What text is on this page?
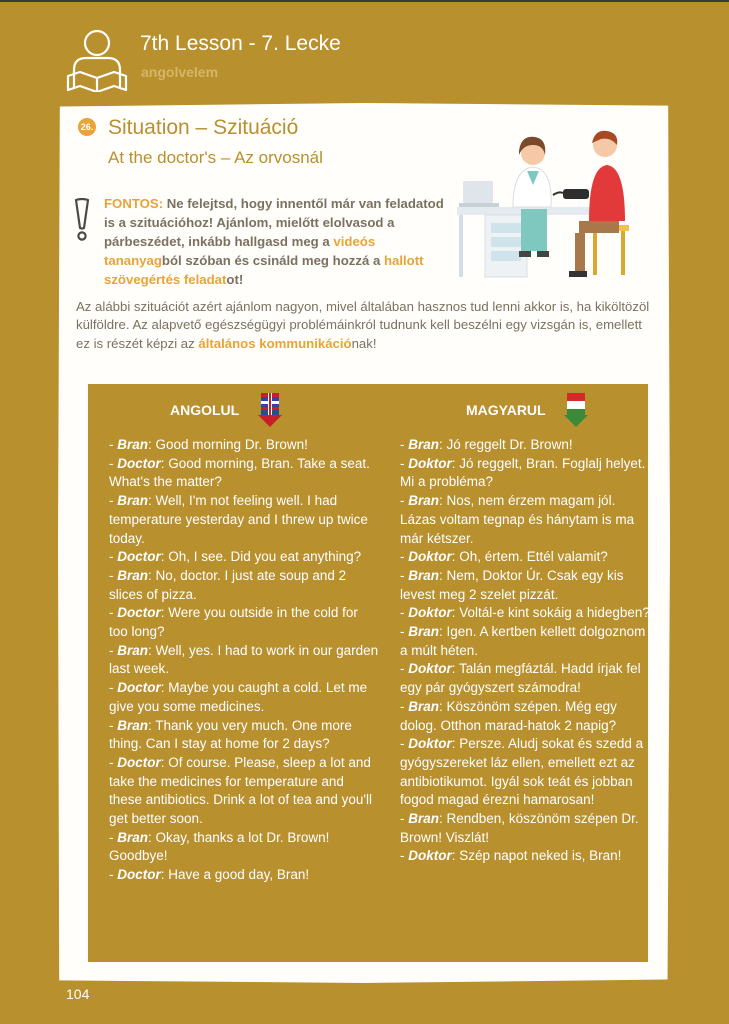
7th Lesson - 7. Lecke
angolvelem
26. Situation – Szituáció
At the doctor's – Az orvosnál
FONTOS: Ne felejtsd, hogy innentől már van feladatod is a szituációhoz! Ajánlom, mielőtt elolvasod a párbeszédet, inkább hallgasd meg a videós tananyagból szóban és csináld meg hozzá a hallott szövegértés feladatot!
Az alábbi szituációt azért ajánlom nagyon, mivel általában hasznos tud lenni akkor is, ha kiköltözöl külföldre. Az alapvető egészségügyi problémáinkról tudnunk kell beszélni egy vizsgán is, emellett ez is részét képzi az általános kommunikációnak!
ANGOLUL	MAGYARUL
- Bran: Good morning Dr. Brown!
- Doctor: Good morning, Bran. Take a seat. What's the matter?
- Bran: Well, I'm not feeling well. I had temperature yesterday and I threw up twice today.
- Doctor: Oh, I see. Did you eat anything?
- Bran: No, doctor. I just ate soup and 2 slices of pizza.
- Doctor: Were you outside in the cold for too long?
- Bran: Well, yes. I had to work in our garden last week.
- Doctor: Maybe you caught a cold. Let me give you some medicines.
- Bran: Thank you very much. One more thing. Can I stay at home for 2 days?
- Doctor: Of course. Please, sleep a lot and take the medicines for temperature and these antibiotics. Drink a lot of tea and you'll get better soon.
- Bran: Okay, thanks a lot Dr. Brown! Goodbye!
- Doctor: Have a good day, Bran!
- Bran: Jó reggelt Dr. Brown!
- Doktor: Jó reggelt, Bran. Foglalj helyet. Mi a probléma?
- Bran: Nos, nem érzem magam jól. Lázas voltam tegnap és hánytam is ma már kétszer.
- Doktor: Oh, értem. Ettél valamit?
- Bran: Nem, Doktor Úr. Csak egy kis levest meg 2 szelet pizzát.
- Doktor: Voltál-e kint sokáig a hidegben?
- Bran: Igen. A kertben kellett dolgoznom a múlt héten.
- Doktor: Talán megfáztál. Hadd írjak fel egy pár gyógyszert számodra!
- Bran: Köszönöm szépen. Még egy dolog. Otthon marad-hatok 2 napig?
- Doktor: Persze. Aludj sokat és szedd a gyógyszereket láz ellen, emellett ezt az antibiotikumot. Igyál sok teát és jobban fogod magad érezni hamarosan!
- Bran: Rendben, köszönöm szépen Dr. Brown! Viszlát!
- Doktor: Szép napot neked is, Bran!
104
